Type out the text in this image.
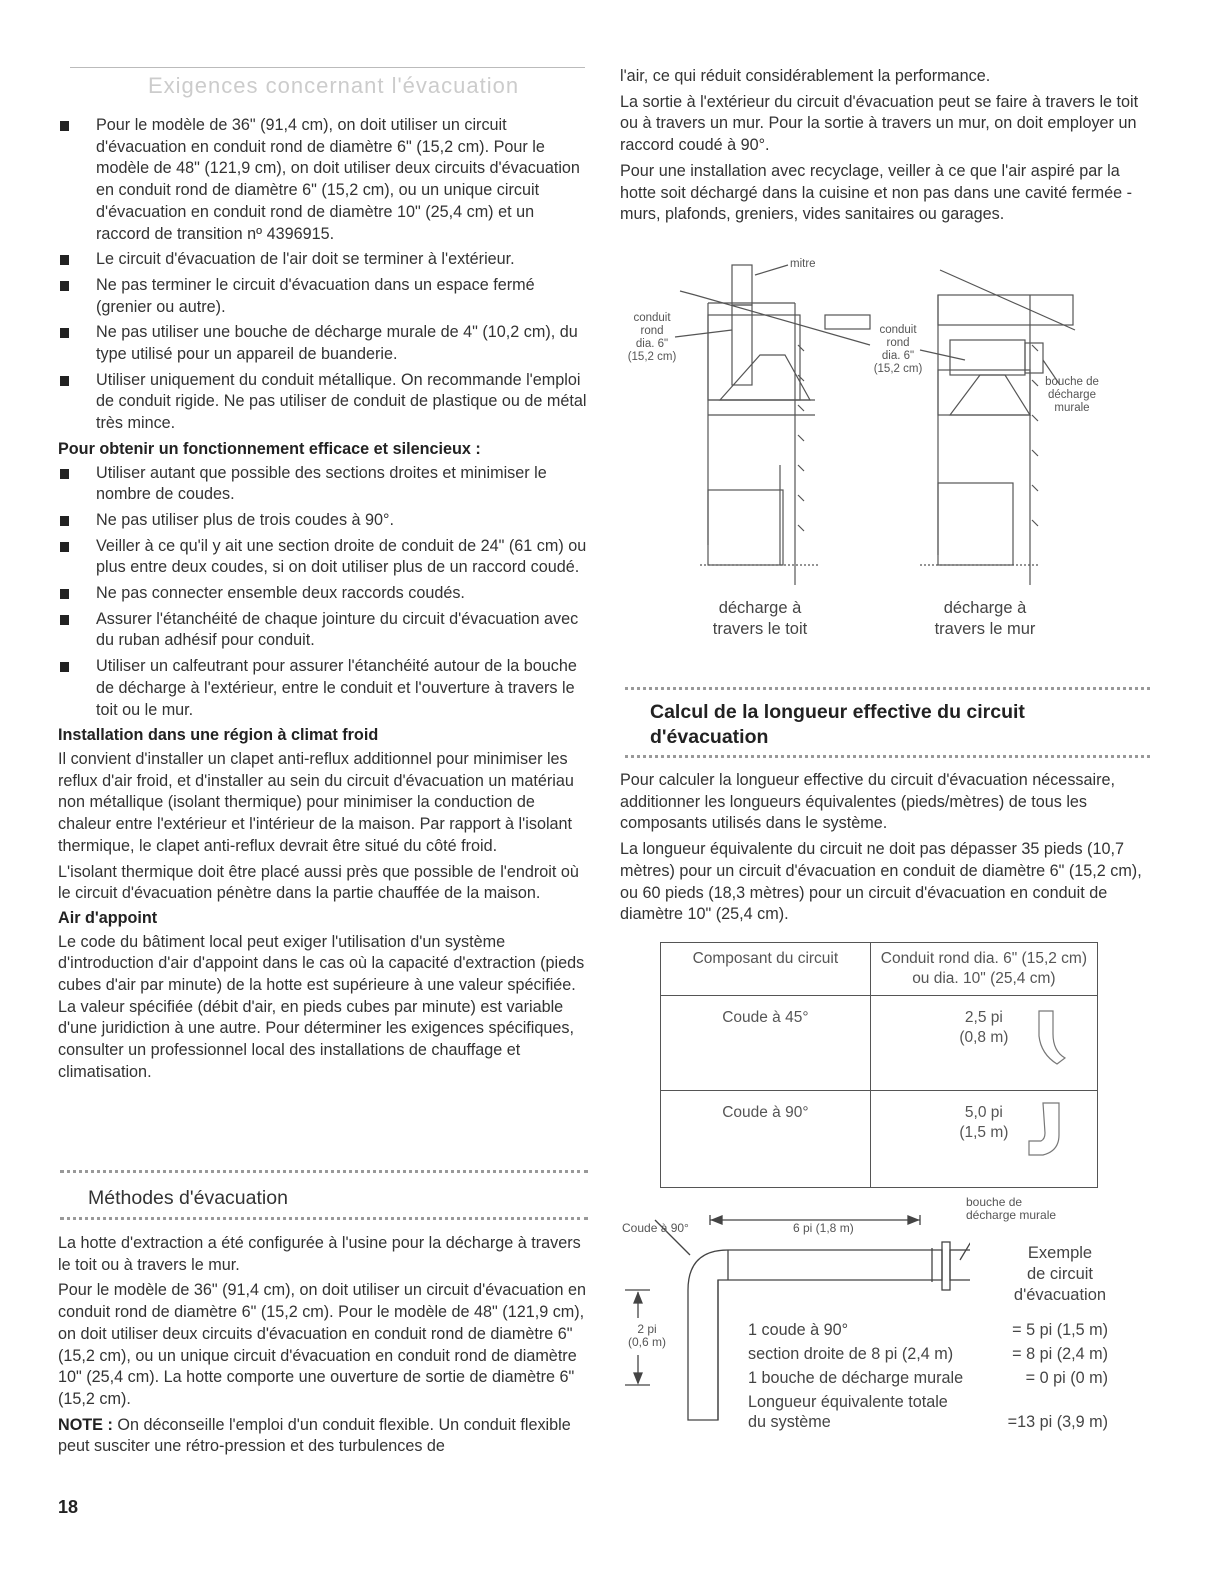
Exigences concernant l'évacuation
Pour le modèle de 36" (91,4 cm), on doit utiliser un circuit d'évacuation en conduit rond de diamètre 6" (15,2 cm). Pour le modèle de 48" (121,9 cm), on doit utiliser deux circuits d'évacuation en conduit rond de diamètre 6" (15,2 cm), ou un unique circuit d'évacuation en conduit rond de diamètre 10" (25,4 cm) et un raccord de transition nº 4396915.
Le circuit d'évacuation de l'air doit se terminer à l'extérieur.
Ne pas terminer le circuit d'évacuation dans un espace fermé (grenier ou autre).
Ne pas utiliser une bouche de décharge murale de 4" (10,2 cm), du type utilisé pour un appareil de buanderie.
Utiliser uniquement du conduit métallique. On recommande l'emploi de conduit rigide. Ne pas utiliser de conduit de plastique ou de métal très mince.
Pour obtenir un fonctionnement efficace et silencieux :
Utiliser autant que possible des sections droites et minimiser le nombre de coudes.
Ne pas utiliser plus de trois coudes à 90°.
Veiller à ce qu'il y ait une section droite de conduit de 24" (61 cm) ou plus entre deux coudes, si on doit utiliser plus de un raccord coudé.
Ne pas connecter ensemble deux raccords coudés.
Assurer l'étanchéité de chaque jointure du circuit d'évacuation avec du ruban adhésif pour conduit.
Utiliser un calfeutrant pour assurer l'étanchéité autour de la bouche de décharge à l'extérieur, entre le conduit et l'ouverture à travers le toit ou le mur.
Installation dans une région à climat froid

Il convient d'installer un clapet anti-reflux additionnel pour minimiser les reflux d'air froid, et d'installer au sein du circuit d'évacuation un matériau non métallique (isolant thermique) pour minimiser la conduction de chaleur entre l'extérieur et l'intérieur de la maison. Par rapport à l'isolant thermique, le clapet anti-reflux devrait être situé du côté froid.

L'isolant thermique doit être placé aussi près que possible de l'endroit où le circuit d'évacuation pénètre dans la partie chauffée de la maison.

Air d'appoint

Le code du bâtiment local peut exiger l'utilisation d'un système d'introduction d'air d'appoint dans le cas où la capacité d'extraction (pieds cubes d'air par minute) de la hotte est supérieure à une valeur spécifiée. La valeur spécifiée (débit d'air, en pieds cubes par minute) est variable d'une juridiction à une autre. Pour déterminer les exigences spécifiques, consulter un professionnel local des installations de chauffage et climatisation.

Méthodes d'évacuation

La hotte d'extraction a été configurée à l'usine pour la décharge à travers le toit ou à travers le mur.

Pour le modèle de 36" (91,4 cm), on doit utiliser un circuit d'évacuation en conduit rond de diamètre 6" (15,2 cm). Pour le modèle de 48" (121,9 cm), on doit utiliser deux circuits d'évacuation en conduit rond de diamètre 6" (15,2 cm), ou un unique circuit d'évacuation en conduit rond de diamètre 10" (25,4 cm). La hotte comporte une ouverture de sortie de diamètre 6" (15,2 cm).

NOTE : On déconseille l'emploi d'un conduit flexible. Un conduit flexible peut susciter une rétro-pression et des turbulences de

l'air, ce qui réduit considérablement la performance.

La sortie à l'extérieur du circuit d'évacuation peut se faire à travers le toit ou à travers un mur. Pour la sortie à travers un mur, on doit employer un raccord coudé à 90°.

Pour une installation avec recyclage, veiller à ce que l'air aspiré par la hotte soit déchargé dans la cuisine et non pas dans une cavité fermée - murs, plafonds, greniers, vides sanitaires ou garages.

mitre
conduit
rond
dia. 6"
(15,2 cm)
conduit
rond
dia. 6"
(15,2 cm)
bouche de
décharge
murale
décharge à
travers le toit
décharge à
travers le mur
Calcul de la longueur effective du circuit
d'évacuation

Pour calculer la longueur effective du circuit d'évacuation nécessaire, additionner les longueurs équivalentes (pieds/mètres) de tous les composants utilisés dans le système.

La longueur équivalente du circuit ne doit pas dépasser 35 pieds (10,7 mètres) pour un circuit d'évacuation en conduit de diamètre 6" (15,2 cm), ou 60 pieds (18,3 mètres) pour un circuit d'évacuation en conduit de diamètre 10" (25,4 cm).

Composant du circuit	Conduit rond dia. 6" (15,2 cm)
ou dia. 10" (25,4 cm)

Coude à 45°	2,5 pi
(0,8 m)

Coude à 90°	5,0 pi
(1,5 m)
Coude à 90°	6 pi (1,8 m)
bouche de
décharge murale
Exemple
de circuit
d'évacuation
2 pi
(0,6 m)
1 coude à 90°	= 5 pi (1,5 m)
section droite de 8 pi (2,4 m)	= 8 pi (2,4 m)
1 bouche de décharge murale	= 0 pi (0 m)
Longueur équivalente totale
du système	=13 pi (3,9 m)
18
